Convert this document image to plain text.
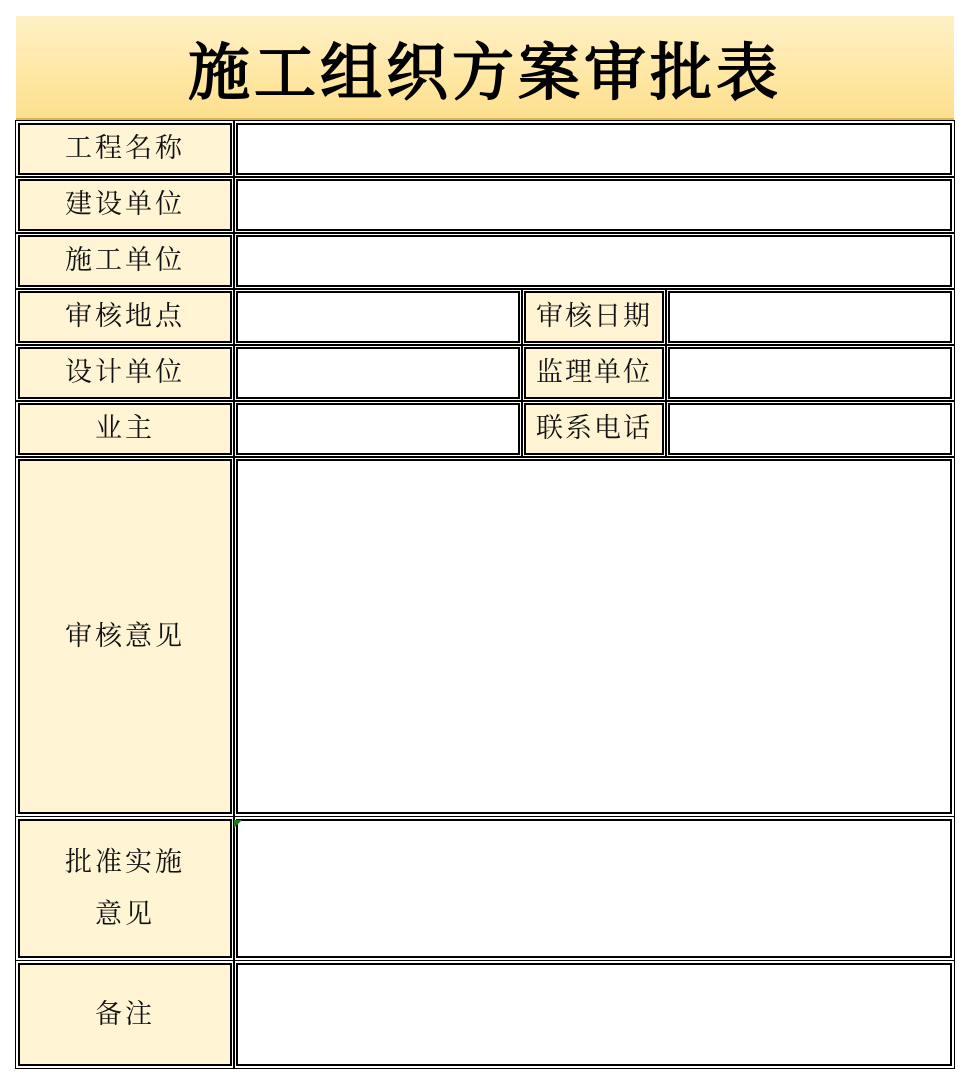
施工组织方案审批表
工程名称
建设单位
施工单位
审核地点	审核日期
设计单位	监理单位
业主	联系电话
审核意见
批准实施
意见
备注
